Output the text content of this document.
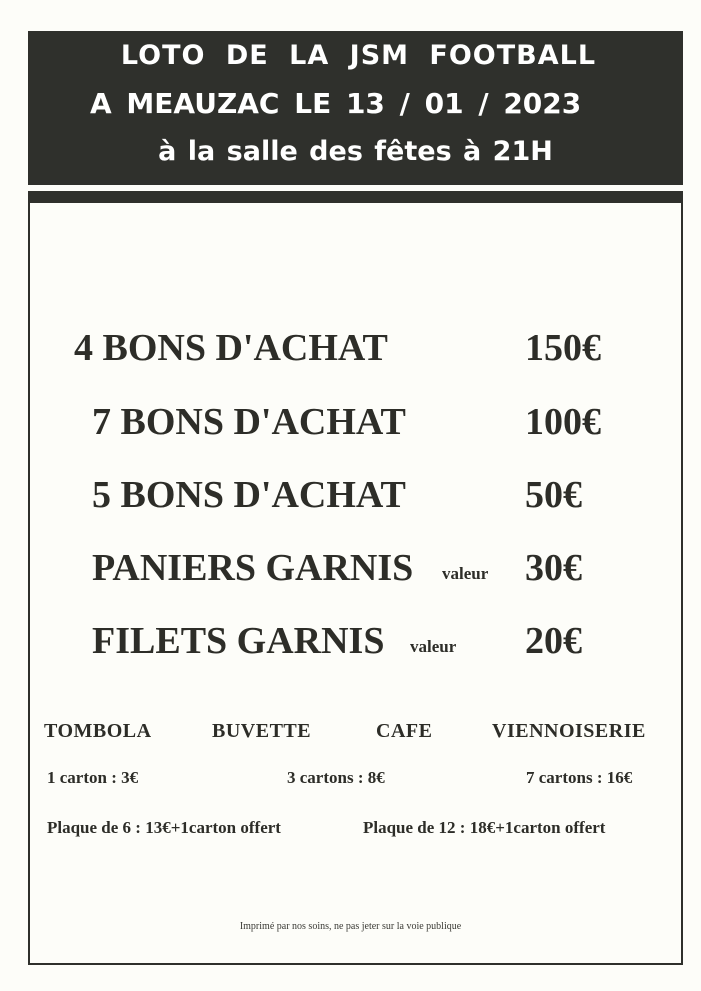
LOTO DE LA JSM FOOTBALL
A MEAUZAC LE 13 / 01 / 2023
à la salle des fêtes à 21H
4 BONS D'ACHAT	150€
7 BONS D'ACHAT	100€
5 BONS D'ACHAT	50€
PANIERS GARNIS valeur 30€
FILETS GARNIS valeur 20€
TOMBOLA	BUVETTE	CAFE	VIENNOISERIE
1 carton : 3€	3 cartons : 8€	7 cartons : 16€
Plaque de 6 : 13€+1carton offert	Plaque de 12 : 18€+1carton offert
Imprimé par nos soins, ne pas jeter sur la voie publique
